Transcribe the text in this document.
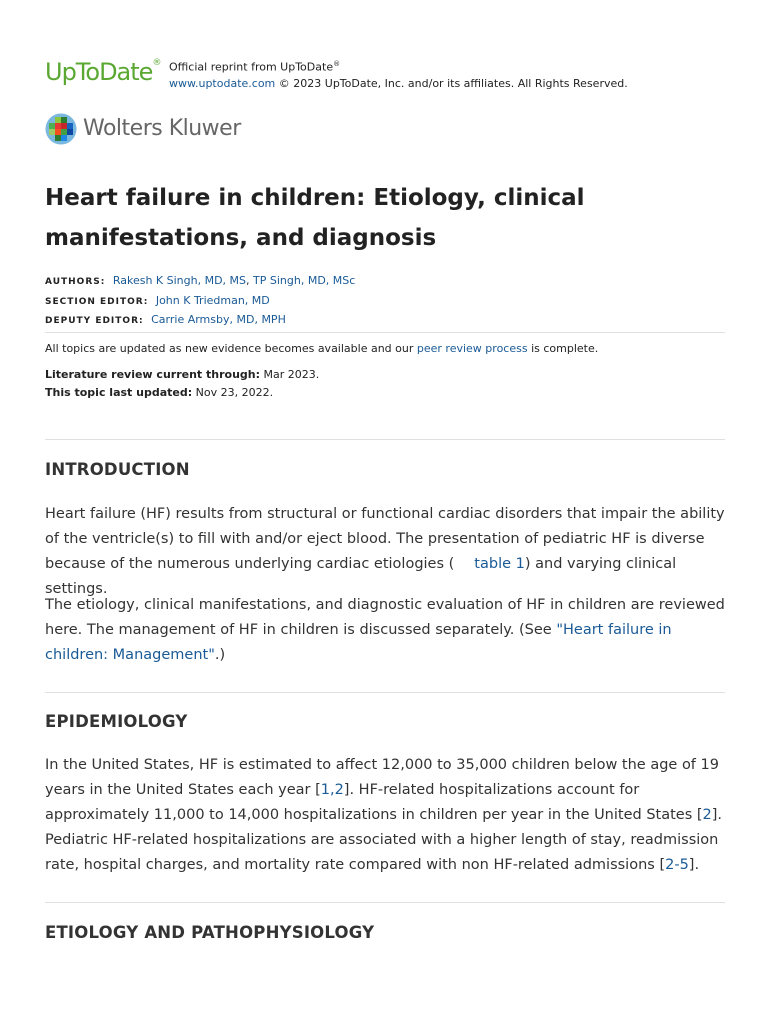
UpToDate® Official reprint from UpToDate®
www.uptodate.com © 2023 UpToDate, Inc. and/or its affiliates. All Rights Reserved.
Wolters Kluwer
Heart failure in children: Etiology, clinical manifestations, and diagnosis
AUTHORS: Rakesh K Singh, MD, MS, TP Singh, MD, MSc
SECTION EDITOR: John K Triedman, MD
DEPUTY EDITOR: Carrie Armsby, MD, MPH
All topics are updated as new evidence becomes available and our peer review process is complete.
Literature review current through: Mar 2023.
This topic last updated: Nov 23, 2022.
INTRODUCTION

Heart failure (HF) results from structural or functional cardiac disorders that impair the ability of the ventricle(s) to fill with and/or eject blood. The presentation of pediatric HF is diverse because of the numerous underlying cardiac etiologies ( table 1) and varying clinical settings.

The etiology, clinical manifestations, and diagnostic evaluation of HF in children are reviewed here. The management of HF in children is discussed separately. (See "Heart failure in children: Management".)

EPIDEMIOLOGY

In the United States, HF is estimated to affect 12,000 to 35,000 children below the age of 19 years in the United States each year [1,2]. HF-related hospitalizations account for approximately 11,000 to 14,000 hospitalizations in children per year in the United States [2]. Pediatric HF-related hospitalizations are associated with a higher length of stay, readmission rate, hospital charges, and mortality rate compared with non HF-related admissions [2-5].

ETIOLOGY AND PATHOPHYSIOLOGY
